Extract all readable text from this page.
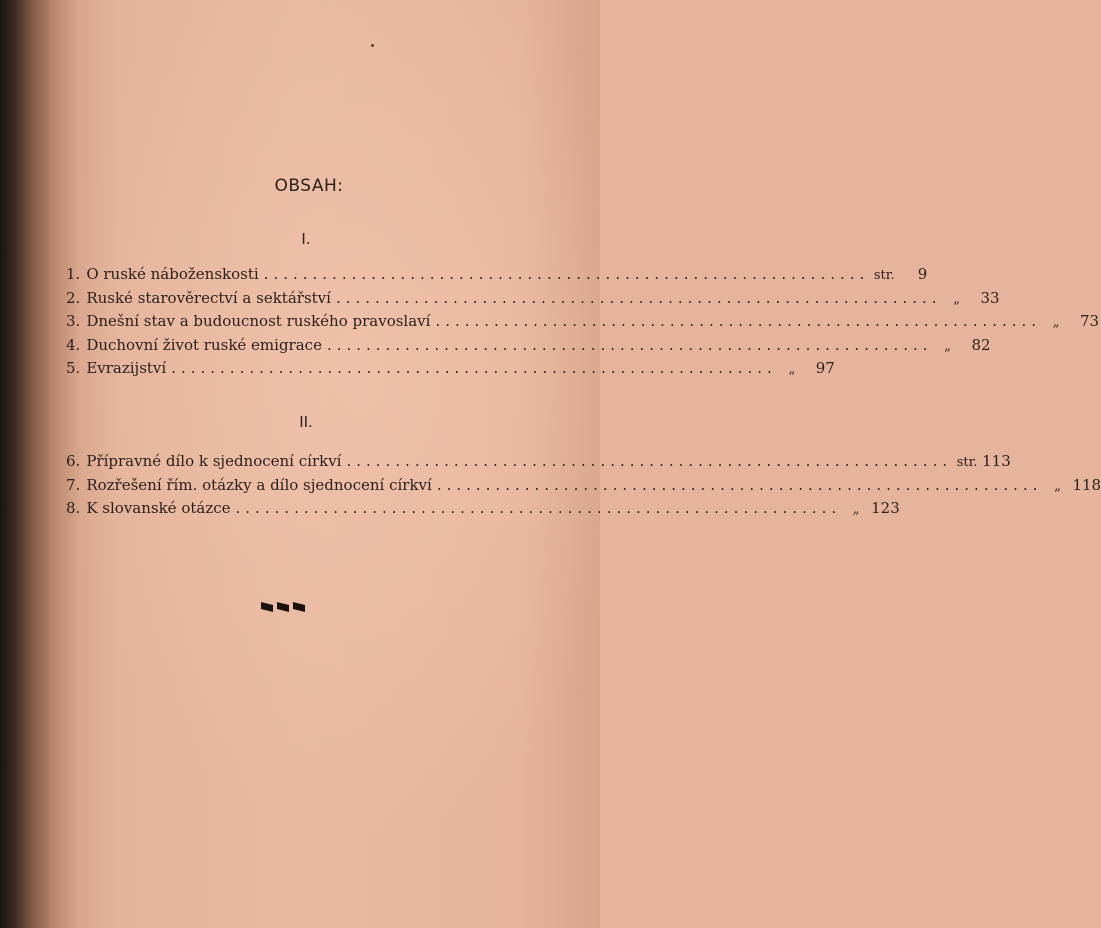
OBSAH:
I.
1. O ruské náboženskosti .............................................................. str.	9
2. Ruské starověrectví a sektářství .............................................................. „	33
3. Dnešní stav a budoucnost ruského pravoslaví .............................................................. „	73
4. Duchovní život ruské emigrace .............................................................. „	82
5. Evrazijství .............................................................. „	97
II.
6. Přípravné dílo k sjednocení církví .............................................................. str. 113
7. Rozřešení řím. otázky a dílo sjednocení církví .............................................................. „ 118
8. K slovanské otázce .............................................................. „ 123
